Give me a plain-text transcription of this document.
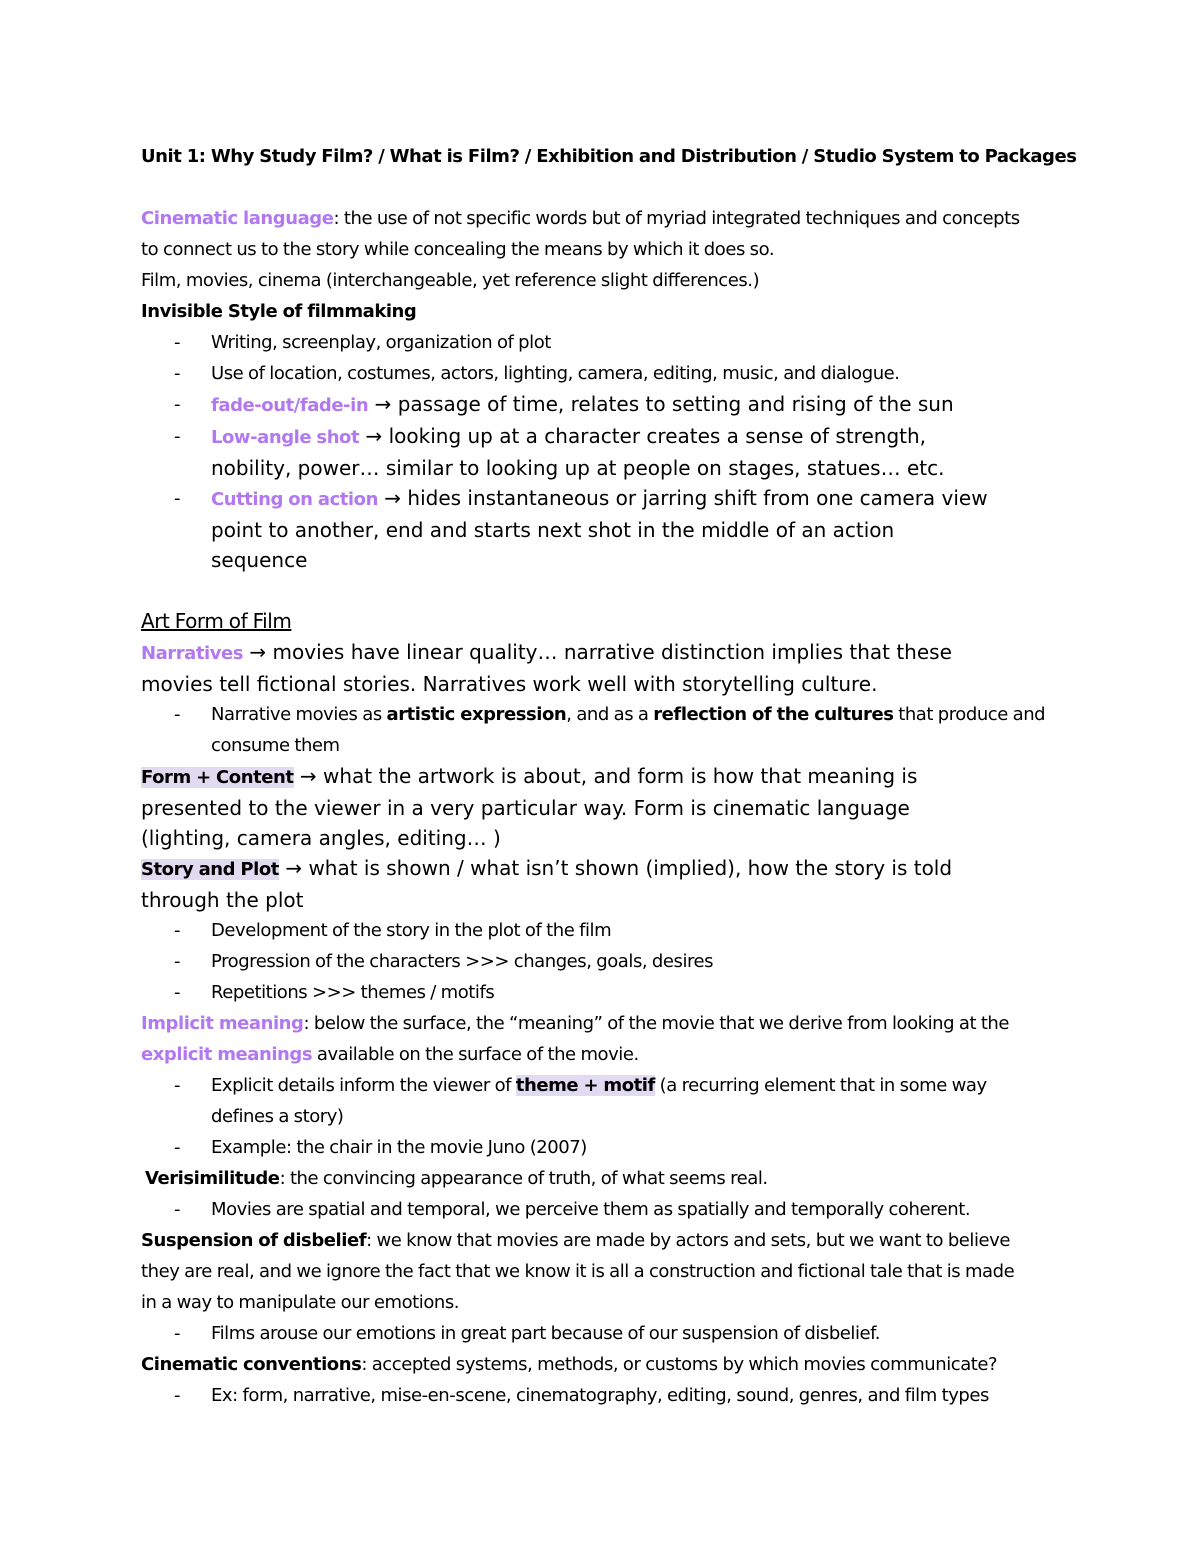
Unit 1: Why Study Film? / What is Film? / Exhibition and Distribution / Studio System to Packages
Cinematic language: the use of not specific words but of myriad integrated techniques and concepts
to connect us to the story while concealing the means by which it does so.
Film, movies, cinema (interchangeable, yet reference slight differences.)
Invisible Style of filmmaking
- Writing, screenplay, organization of plot
- Use of location, costumes, actors, lighting, camera, editing, music, and dialogue.
- fade-out/fade-in → passage of time, relates to setting and rising of the sun
- Low-angle shot → looking up at a character creates a sense of strength,
nobility, power… similar to looking up at people on stages, statues… etc.
- Cutting on action → hides instantaneous or jarring shift from one camera view
point to another, end and starts next shot in the middle of an action
sequence
Art Form of Film
Narratives → movies have linear quality… narrative distinction implies that these
movies tell fictional stories. Narratives work well with storytelling culture.
- Narrative movies as artistic expression, and as a reflection of the cultures that produce and
consume them
Form + Content → what the artwork is about, and form is how that meaning is
presented to the viewer in a very particular way. Form is cinematic language
(lighting, camera angles, editing… )
Story and Plot → what is shown / what isn’t shown (implied), how the story is told
through the plot
- Development of the story in the plot of the film
- Progression of the characters >>> changes, goals, desires
- Repetitions >>> themes / motifs
Implicit meaning: below the surface, the “meaning” of the movie that we derive from looking at the
explicit meanings available on the surface of the movie.
- Explicit details inform the viewer of theme + motif (a recurring element that in some way
defines a story)
- Example: the chair in the movie Juno (2007)
Verisimilitude: the convincing appearance of truth, of what seems real.
- Movies are spatial and temporal, we perceive them as spatially and temporally coherent.
Suspension of disbelief: we know that movies are made by actors and sets, but we want to believe
they are real, and we ignore the fact that we know it is all a construction and fictional tale that is made
in a way to manipulate our emotions.
- Films arouse our emotions in great part because of our suspension of disbelief.
Cinematic conventions: accepted systems, methods, or customs by which movies communicate?
- Ex: form, narrative, mise-en-scene, cinematography, editing, sound, genres, and film types
